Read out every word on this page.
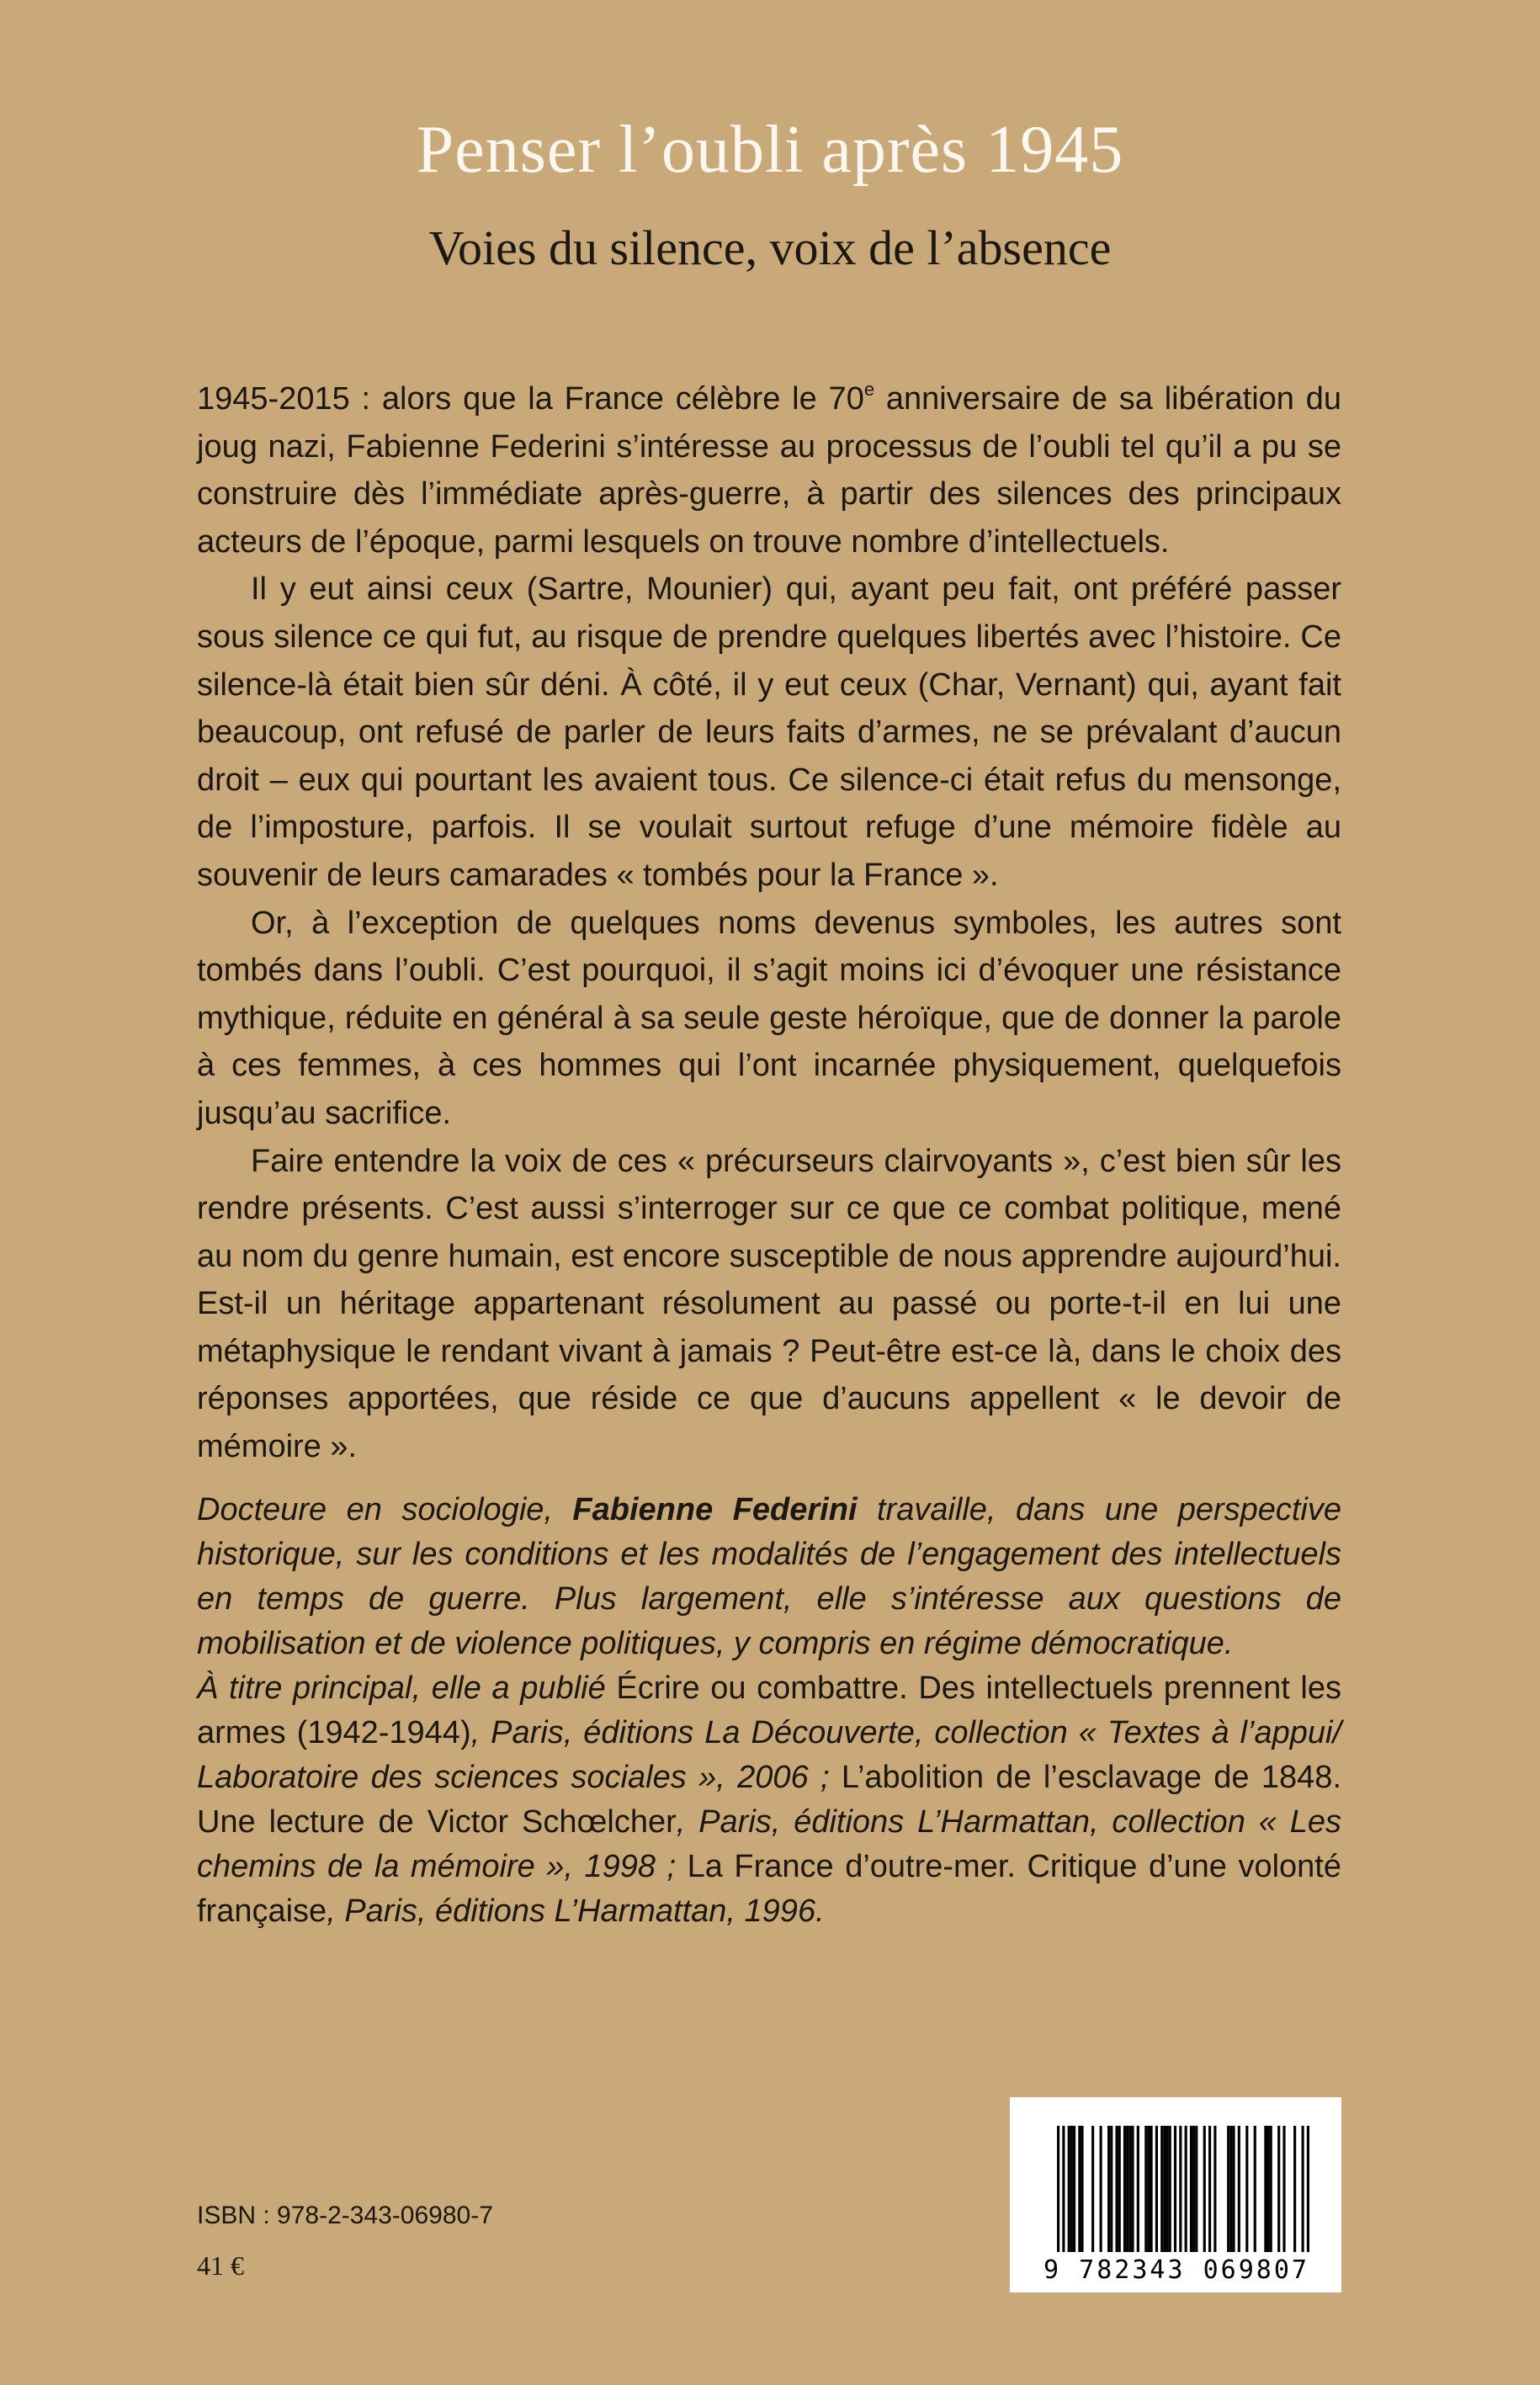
Penser l’oubli après 1945
Voies du silence, voix de l’absence

1945-2015 : alors que la France célèbre le 70e anniversaire de sa libération du joug nazi, Fabienne Federini s’intéresse au processus de l’oubli tel qu’il a pu se construire dès l’immédiate après-guerre, à partir des silences des principaux acteurs de l’époque, parmi lesquels on trouve nombre d’intellectuels.

Il y eut ainsi ceux (Sartre, Mounier) qui, ayant peu fait, ont préféré passer sous silence ce qui fut, au risque de prendre quelques libertés avec l’histoire. Ce silence-là était bien sûr déni. À côté, il y eut ceux (Char, Vernant) qui, ayant fait beaucoup, ont refusé de parler de leurs faits d’armes, ne se prévalant d’aucun droit – eux qui pourtant les avaient tous. Ce silence-ci était refus du mensonge, de l’imposture, parfois. Il se voulait surtout refuge d’une mémoire fidèle au souvenir de leurs camarades « tombés pour la France ».

Or, à l’exception de quelques noms devenus symboles, les autres sont tombés dans l’oubli. C’est pourquoi, il s’agit moins ici d’évoquer une résistance mythique, réduite en général à sa seule geste héroïque, que de donner la parole à ces femmes, à ces hommes qui l’ont incarnée physiquement, quelquefois jusqu’au sacrifice.

Faire entendre la voix de ces « précurseurs clairvoyants », c’est bien sûr les rendre présents. C’est aussi s’interroger sur ce que ce combat politique, mené au nom du genre humain, est encore susceptible de nous apprendre aujourd’hui. Est-il un héritage appartenant résolument au passé ou porte-t-il en lui une métaphysique le rendant vivant à jamais ? Peut-être est-ce là, dans le choix des réponses apportées, que réside ce que d’aucuns appellent « le devoir de mémoire ».

Docteure en sociologie, Fabienne Federini travaille, dans une perspective historique, sur les conditions et les modalités de l’engagement des intellectuels en temps de guerre. Plus largement, elle s’intéresse aux questions de mobilisation et de violence politiques, y compris en régime démocratique.

À titre principal, elle a publié Écrire ou combattre. Des intellectuels prennent les armes (1942-1944), Paris, éditions La Découverte, collection « Textes à l’appui/ Laboratoire des sciences sociales », 2006 ; L’abolition de l’esclavage de 1848. Une lecture de Victor Schœlcher, Paris, éditions L’Harmattan, collection « Les chemins de la mémoire », 1998 ; La France d’outre-mer. Critique d’une volonté française, Paris, éditions L’Harmattan, 1996.

ISBN : 978-2-343-06980-7
41 €	9 782343 069807
